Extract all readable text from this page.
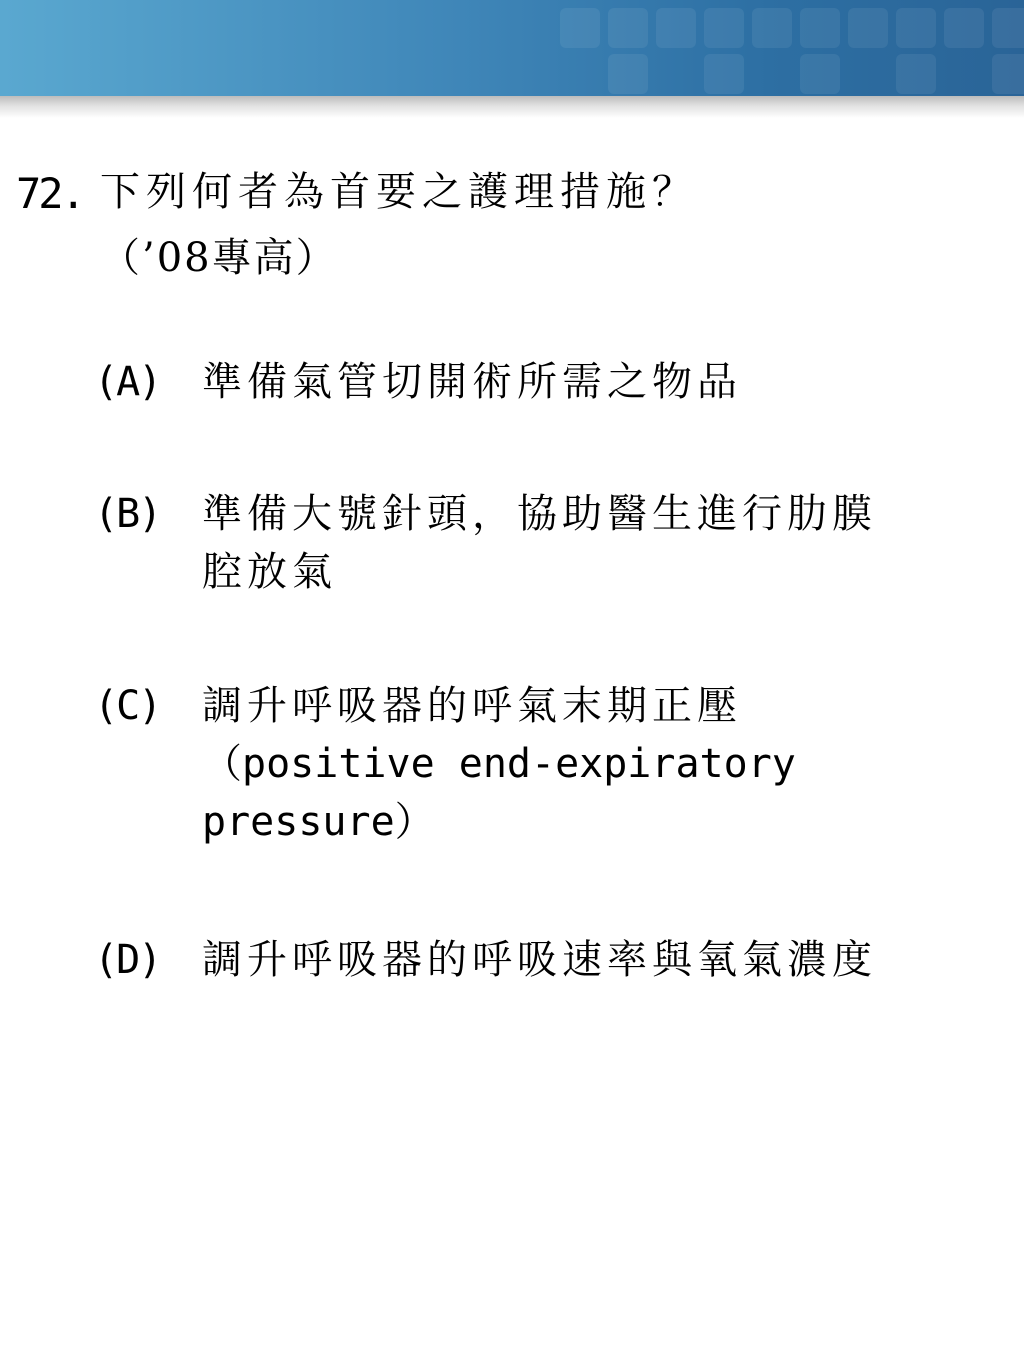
72. 下列何者為首要之護理措施？
（’08專高）
(A) 準備氣管切開術所需之物品
(B) 準備大號針頭，協助醫生進行肋膜
腔放氣
(C) 調升呼吸器的呼氣末期正壓
（positive end-expiratory
pressure）
(D) 調升呼吸器的呼吸速率與氧氣濃度
